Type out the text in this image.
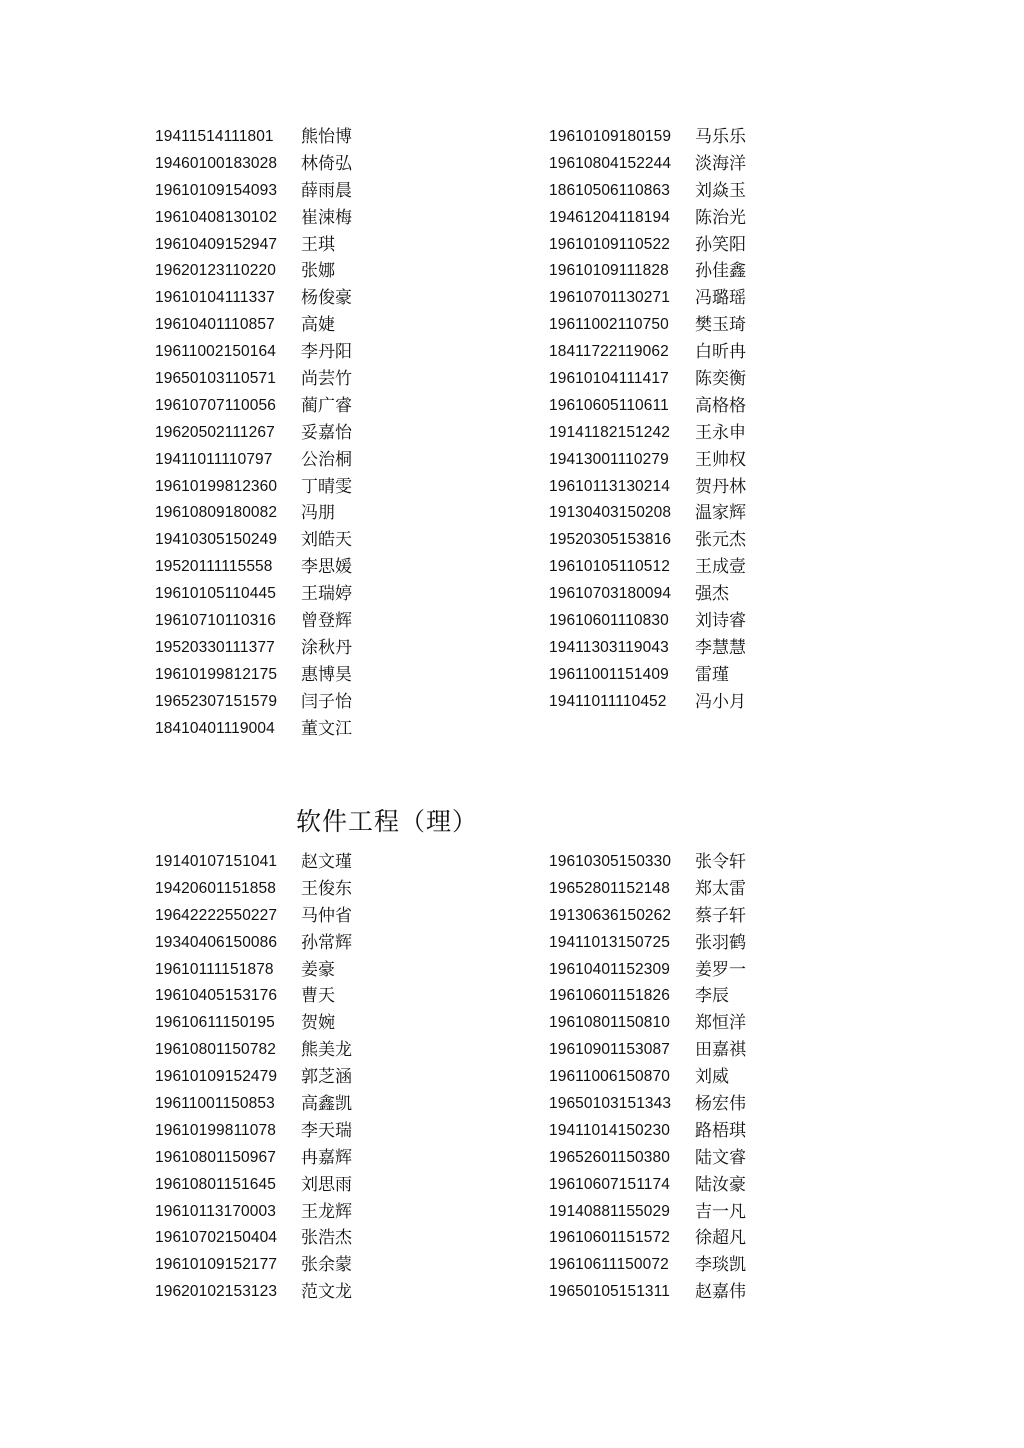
19411514111801	熊怡博
19460100183028	林倚弘
19610109154093	薛雨晨
19610408130102	崔涑梅
19610409152947	王琪
19620123110220	张娜
19610104111337	杨俊豪
19610401110857	高婕
19611002150164	李丹阳
19650103110571	尚芸竹
19610707110056	蔺广睿
19620502111267	妥嘉怡
19411011110797	公治桐
19610199812360	丁晴雯
19610809180082	冯朋
19410305150249	刘皓天
19520111115558	李思媛
19610105110445	王瑞婷
19610710110316	曾登辉
19520330111377	涂秋丹
19610199812175	惠博昊
19652307151579	闫子怡
18410401119004	董文江
19610109180159	马乐乐
19610804152244	淡海洋
18610506110863	刘焱玉
19461204118194	陈治光
19610109110522	孙笑阳
19610109111828	孙佳鑫
19610701130271	冯璐瑶
19611002110750	樊玉琦
18411722119062	白昕冉
19610104111417	陈奕衡
19610605110611	高格格
19141182151242	王永申
19413001110279	王帅权
19610113130214	贺丹林
19130403150208	温家辉
19520305153816	张元杰
19610105110512	王成壹
19610703180094	强杰
19610601110830	刘诗睿
19411303119043	李慧慧
19611001151409	雷瑾
19411011110452	冯小月
软件工程（理）
19140107151041	赵文瑾
19420601151858	王俊东
19642222550227	马仲省
19340406150086	孙常辉
19610111151878	姜豪
19610405153176	曹天
19610611150195	贺婉
19610801150782	熊美龙
19610109152479	郭芝涵
19611001150853	高鑫凯
19610199811078	李天瑞
19610801150967	冉嘉辉
19610801151645	刘思雨
19610113170003	王龙辉
19610702150404	张浩杰
19610109152177	张余蒙
19620102153123	范文龙
19610305150330	张令轩
19652801152148	郑太雷
19130636150262	蔡子轩
19411013150725	张羽鹤
19610401152309	姜罗一
19610601151826	李辰
19610801150810	郑恒洋
19610901153087	田嘉祺
19611006150870	刘威
19650103151343	杨宏伟
19411014150230	路梧琪
19652601150380	陆文睿
19610607151174	陆汝豪
19140881155029	吉一凡
19610601151572	徐超凡
19610611150072	李琰凯
19650105151311	赵嘉伟
